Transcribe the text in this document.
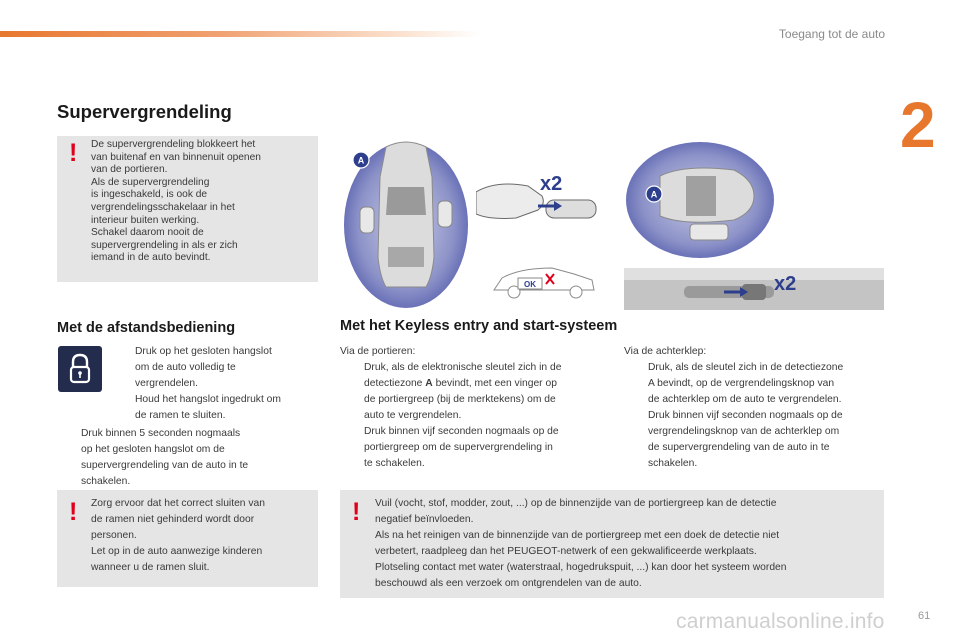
Toegang tot de auto
2
Supervergrendeling
! De supervergrendeling blokkeert het
van buitenaf en van binnenuit openen
van de portieren.
Als de supervergrendeling
is ingeschakeld, is ook de
vergrendelingsschakelaar in het
interieur buiten werking.
Schakel daarom nooit de
supervergrendeling in als er zich
iemand in de auto bevindt.
A
x2
OK
A
x2
Met de afstandsbediening
Druk op het gesloten hangslot
om de auto volledig te
vergrendelen.
Houd het hangslot ingedrukt om
de ramen te sluiten.
Druk binnen 5 seconden nogmaals
op het gesloten hangslot om de
supervergrendeling van de auto in te
schakelen.
! Zorg ervoor dat het correct sluiten van
de ramen niet gehinderd wordt door
personen.
Let op in de auto aanwezige kinderen
wanneer u de ramen sluit.
Met het Keyless entry and start-systeem
Via de portieren:
Druk, als de elektronische sleutel zich in de
detectiezone A bevindt, met een vinger op
de portiergreep (bij de merktekens) om de
auto te vergrendelen.
Druk binnen vijf seconden nogmaals op de
portiergreep om de supervergrendeling in
te schakelen.
Via de achterklep:
Druk, als de sleutel zich in de detectiezone
A bevindt, op de vergrendelingsknop van
de achterklep om de auto te vergrendelen.
Druk binnen vijf seconden nogmaals op de
vergrendelingsknop van de achterklep om
de supervergrendeling van de auto in te
schakelen.
! Vuil (vocht, stof, modder, zout, ...) op de binnenzijde van de portiergreep kan de detectie
negatief beïnvloeden.
Als na het reinigen van de binnenzijde van de portiergreep met een doek de detectie niet
verbetert, raadpleeg dan het PEUGEOT-netwerk of een gekwalificeerde werkplaats.
Plotseling contact met water (waterstraal, hogedrukspuit, ...) kan door het systeem worden
beschouwd als een verzoek om ontgrendelen van de auto.
carmanualsonline.info	61
